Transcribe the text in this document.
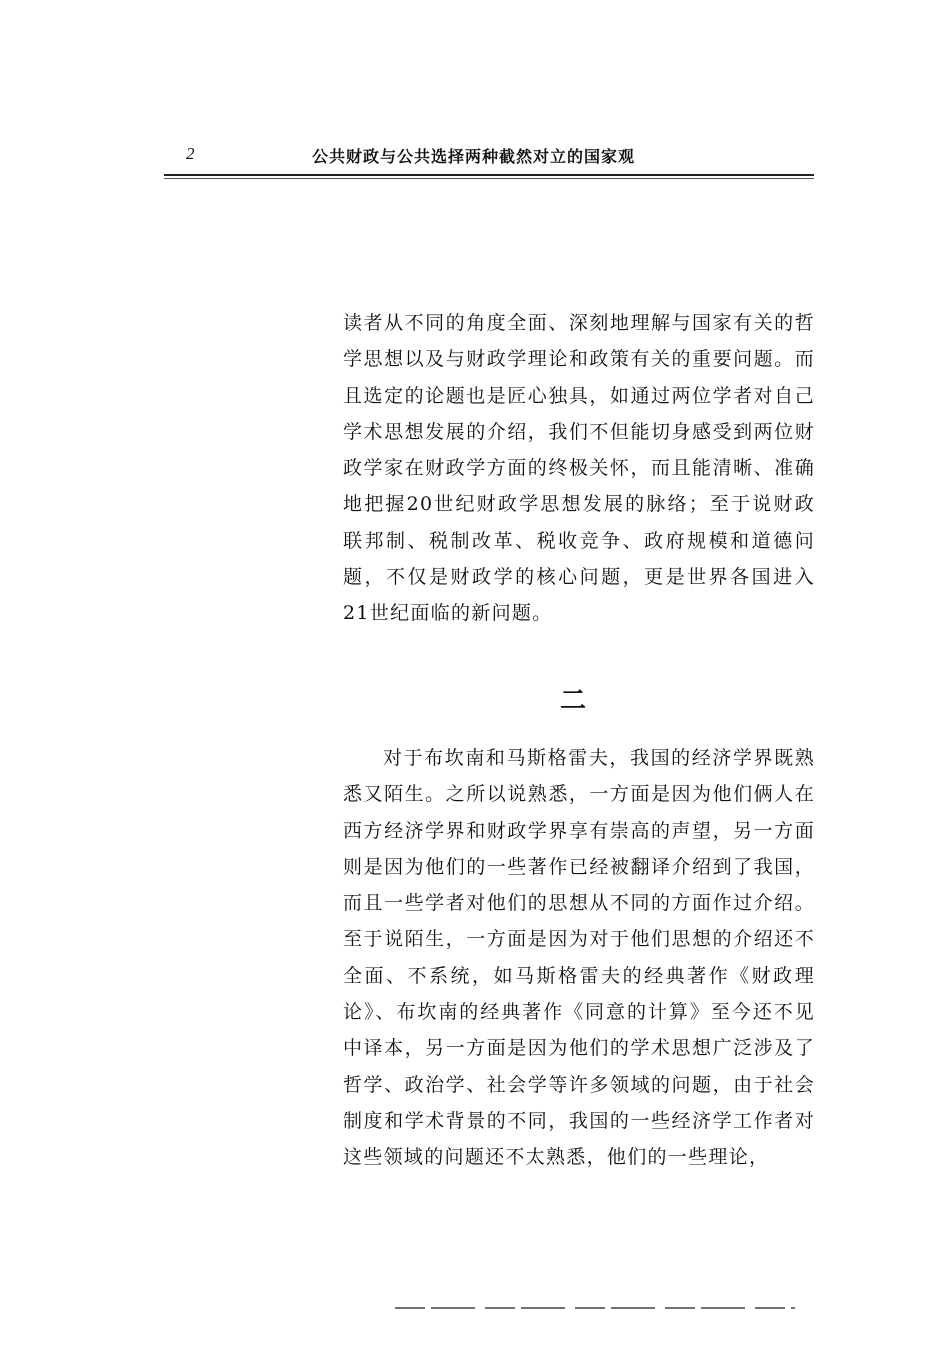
2	公共财政与公共选择两种截然对立的国家观

读者从不同的角度全面、深刻地理解与国家有关的哲学思想以及与财政学理论和政策有关的重要问题。而且选定的论题也是匠心独具，如通过两位学者对自己学术思想发展的介绍，我们不但能切身感受到两位财政学家在财政学方面的终极关怀，而且能清晰、准确地把握20世纪财政学思想发展的脉络；至于说财政联邦制、税制改革、税收竞争、政府规模和道德问题，不仅是财政学的核心问题，更是世界各国进入21世纪面临的新问题。

二

对于布坎南和马斯格雷夫，我国的经济学界既熟悉又陌生。之所以说熟悉，一方面是因为他们俩人在西方经济学界和财政学界享有崇高的声望，另一方面则是因为他们的一些著作已经被翻译介绍到了我国，而且一些学者对他们的思想从不同的方面作过介绍。至于说陌生，一方面是因为对于他们思想的介绍还不全面、不系统，如马斯格雷夫的经典著作《财政理论》、布坎南的经典著作《同意的计算》至今还不见中译本，另一方面是因为他们的学术思想广泛涉及了哲学、政治学、社会学等许多领域的问题，由于社会制度和学术背景的不同，我国的一些经济学工作者对这些领域的问题还不太熟悉，他们的一些理论，
